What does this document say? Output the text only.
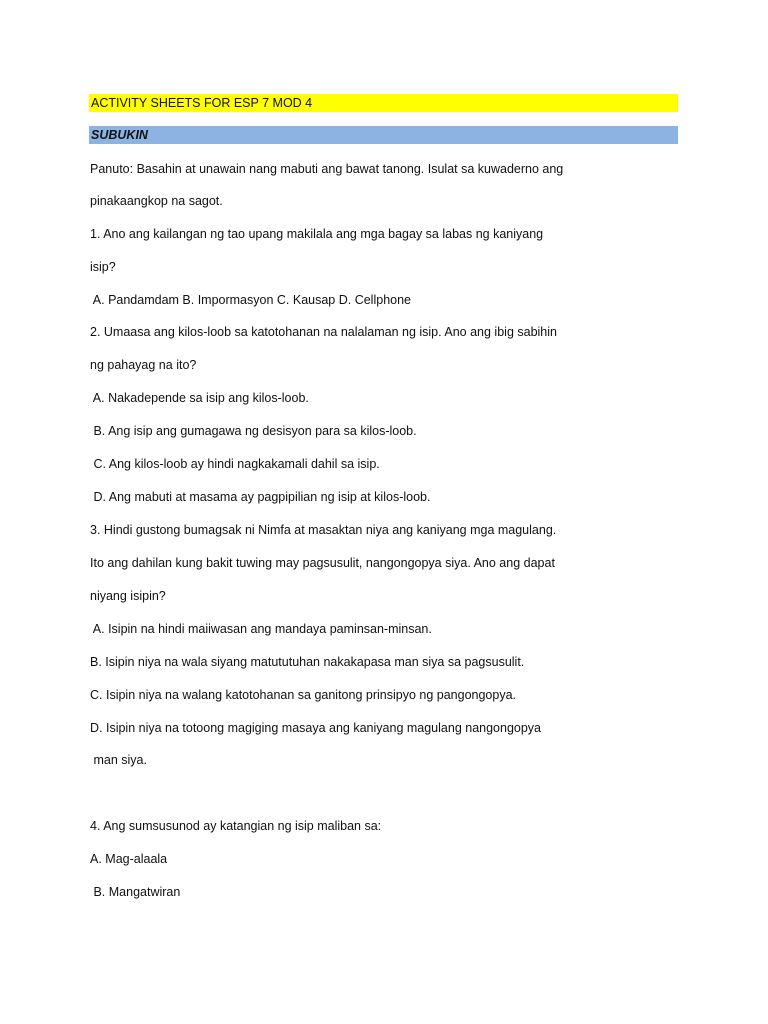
ACTIVITY SHEETS FOR ESP 7 MOD 4
SUBUKIN
Panuto: Basahin at unawain nang mabuti ang bawat tanong. Isulat sa kuwaderno ang
pinakaangkop na sagot.
1. Ano ang kailangan ng tao upang makilala ang mga bagay sa labas ng kaniyang
isip?
A. Pandamdam B. Impormasyon C. Kausap D. Cellphone
2. Umaasa ang kilos-loob sa katotohanan na nalalaman ng isip. Ano ang ibig sabihin
ng pahayag na ito?
A. Nakadepende sa isip ang kilos-loob.
B. Ang isip ang gumagawa ng desisyon para sa kilos-loob.
C. Ang kilos-loob ay hindi nagkakamali dahil sa isip.
D. Ang mabuti at masama ay pagpipilian ng isip at kilos-loob.
3. Hindi gustong bumagsak ni Nimfa at masaktan niya ang kaniyang mga magulang.
Ito ang dahilan kung bakit tuwing may pagsusulit, nangongopya siya. Ano ang dapat
niyang isipin?
A. Isipin na hindi maiiwasan ang mandaya paminsan-minsan.
B. Isipin niya na wala siyang matututuhan nakakapasa man siya sa pagsusulit.
C. Isipin niya na walang katotohanan sa ganitong prinsipyo ng pangongopya.
D. Isipin niya na totoong magiging masaya ang kaniyang magulang nangongopya
man siya.
4. Ang sumsusunod ay katangian ng isip maliban sa:
A. Mag-alaala
B. Mangatwiran
